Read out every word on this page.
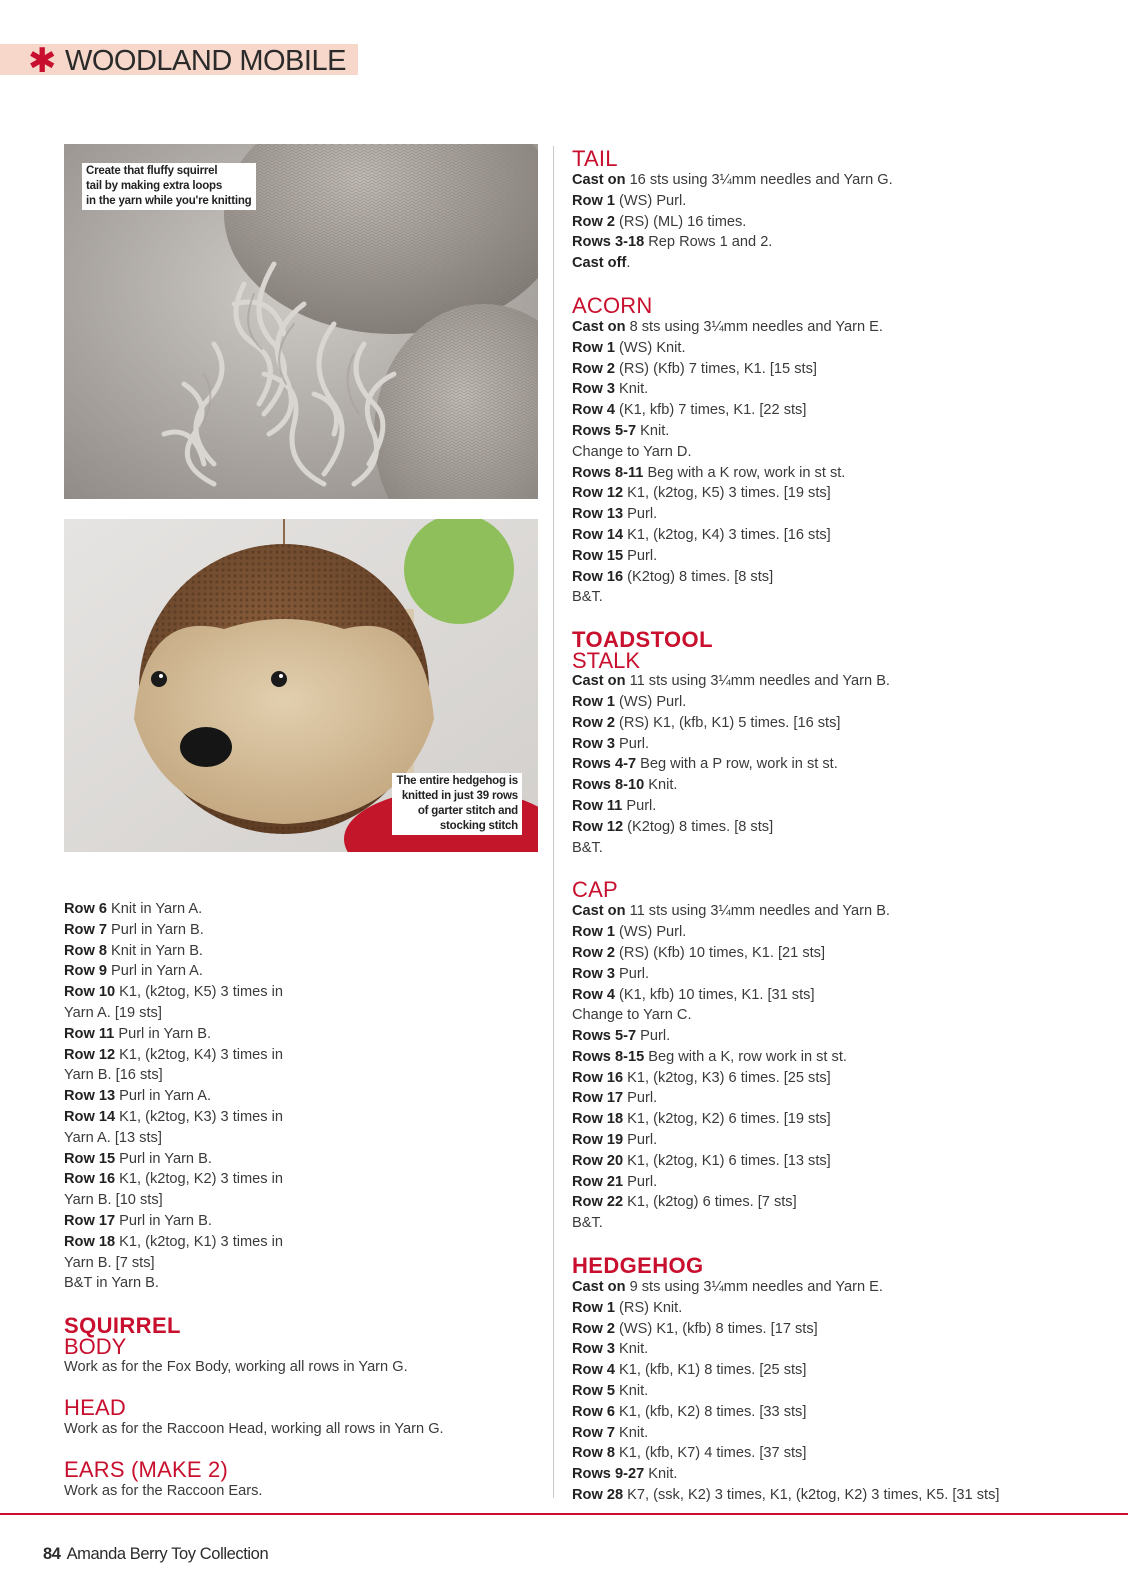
✱ WOODLAND MOBILE
Create that fluffy squirrel
tail by making extra loops
in the yarn while you're knitting
The entire hedgehog is
knitted in just 39 rows
of garter stitch and
stocking stitch
Row 6 Knit in Yarn A.
Row 7 Purl in Yarn B.
Row 8 Knit in Yarn B.
Row 9 Purl in Yarn A.
Row 10 K1, (k2tog, K5) 3 times in
Yarn A. [19 sts]
Row 11 Purl in Yarn B.
Row 12 K1, (k2tog, K4) 3 times in
Yarn B. [16 sts]
Row 13 Purl in Yarn A.
Row 14 K1, (k2tog, K3) 3 times in
Yarn A. [13 sts]
Row 15 Purl in Yarn B.
Row 16 K1, (k2tog, K2) 3 times in
Yarn B. [10 sts]
Row 17 Purl in Yarn B.
Row 18 K1, (k2tog, K1) 3 times in
Yarn B. [7 sts]
B&T in Yarn B.
SQUIRREL
BODY
Work as for the Fox Body, working all rows in Yarn G.
HEAD
Work as for the Raccoon Head, working all rows in Yarn G.
EARS (MAKE 2)
Work as for the Raccoon Ears.
TAIL
Cast on 16 sts using 3¼mm needles and Yarn G.
Row 1 (WS) Purl.
Row 2 (RS) (ML) 16 times.
Rows 3-18 Rep Rows 1 and 2.
Cast off.
ACORN
Cast on 8 sts using 3¼mm needles and Yarn E.
Row 1 (WS) Knit.
Row 2 (RS) (Kfb) 7 times, K1. [15 sts]
Row 3 Knit.
Row 4 (K1, kfb) 7 times, K1. [22 sts]
Rows 5-7 Knit.
Change to Yarn D.
Rows 8-11 Beg with a K row, work in st st.
Row 12 K1, (k2tog, K5) 3 times. [19 sts]
Row 13 Purl.
Row 14 K1, (k2tog, K4) 3 times. [16 sts]
Row 15 Purl.
Row 16 (K2tog) 8 times. [8 sts]
B&T.
TOADSTOOL
STALK
Cast on 11 sts using 3¼mm needles and Yarn B.
Row 1 (WS) Purl.
Row 2 (RS) K1, (kfb, K1) 5 times. [16 sts]
Row 3 Purl.
Rows 4-7 Beg with a P row, work in st st.
Rows 8-10 Knit.
Row 11 Purl.
Row 12 (K2tog) 8 times. [8 sts]
B&T.
CAP
Cast on 11 sts using 3¼mm needles and Yarn B.
Row 1 (WS) Purl.
Row 2 (RS) (Kfb) 10 times, K1. [21 sts]
Row 3 Purl.
Row 4 (K1, kfb) 10 times, K1. [31 sts]
Change to Yarn C.
Rows 5-7 Purl.
Rows 8-15 Beg with a K, row work in st st.
Row 16 K1, (k2tog, K3) 6 times. [25 sts]
Row 17 Purl.
Row 18 K1, (k2tog, K2) 6 times. [19 sts]
Row 19 Purl.
Row 20 K1, (k2tog, K1) 6 times. [13 sts]
Row 21 Purl.
Row 22 K1, (k2tog) 6 times. [7 sts]
B&T.
HEDGEHOG
Cast on 9 sts using 3¼mm needles and Yarn E.
Row 1 (RS) Knit.
Row 2 (WS) K1, (kfb) 8 times. [17 sts]
Row 3 Knit.
Row 4 K1, (kfb, K1) 8 times. [25 sts]
Row 5 Knit.
Row 6 K1, (kfb, K2) 8 times. [33 sts]
Row 7 Knit.
Row 8 K1, (kfb, K7) 4 times. [37 sts]
Rows 9-27 Knit.
Row 28 K7, (ssk, K2) 3 times, K1, (k2tog, K2) 3 times, K5. [31 sts]
84 Amanda Berry Toy Collection
